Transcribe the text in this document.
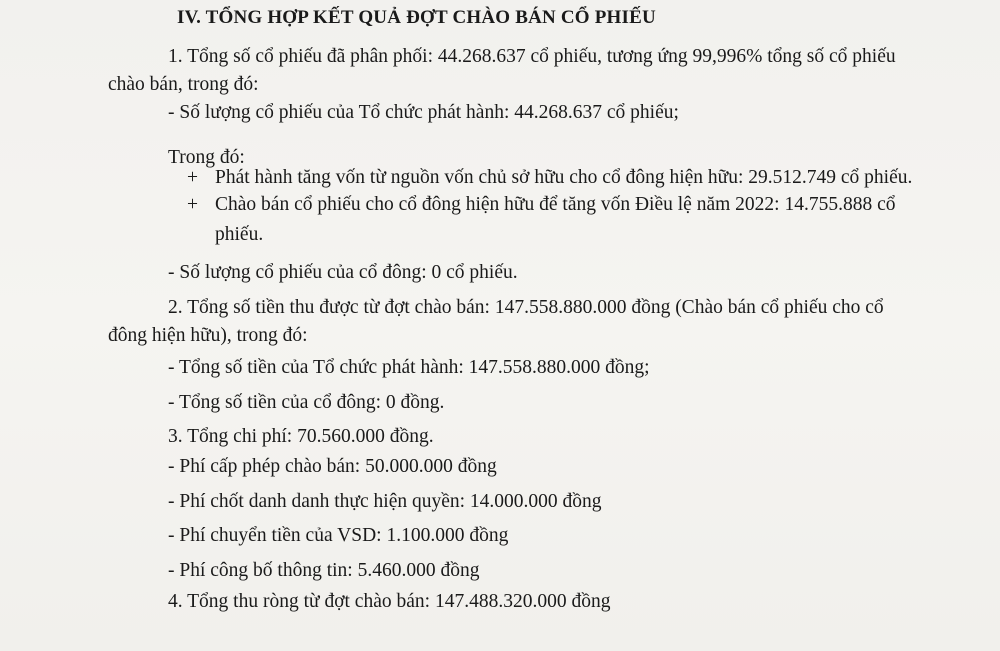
IV. TỔNG HỢP KẾT QUẢ ĐỢT CHÀO BÁN CỔ PHIẾU
1. Tổng số cổ phiếu đã phân phối: 44.268.637 cổ phiếu, tương ứng 99,996% tổng số cổ phiếu
chào bán, trong đó:
- Số lượng cổ phiếu của Tổ chức phát hành: 44.268.637 cổ phiếu;
Trong đó:
+ Phát hành tăng vốn từ nguồn vốn chủ sở hữu cho cổ đông hiện hữu: 29.512.749 cổ phiếu.
+ Chào bán cổ phiếu cho cổ đông hiện hữu để tăng vốn Điều lệ năm 2022: 14.755.888 cổ
phiếu.
- Số lượng cổ phiếu của cổ đông: 0 cổ phiếu.
2. Tổng số tiền thu được từ đợt chào bán: 147.558.880.000 đồng (Chào bán cổ phiếu cho cổ
đông hiện hữu), trong đó:
- Tổng số tiền của Tổ chức phát hành: 147.558.880.000 đồng;
- Tổng số tiền của cổ đông: 0 đồng.
3. Tổng chi phí: 70.560.000 đồng.
- Phí cấp phép chào bán: 50.000.000 đồng
- Phí chốt danh danh thực hiện quyền: 14.000.000 đồng
- Phí chuyển tiền của VSD: 1.100.000 đồng
- Phí công bố thông tin: 5.460.000 đồng
4. Tổng thu ròng từ đợt chào bán: 147.488.320.000 đồng
